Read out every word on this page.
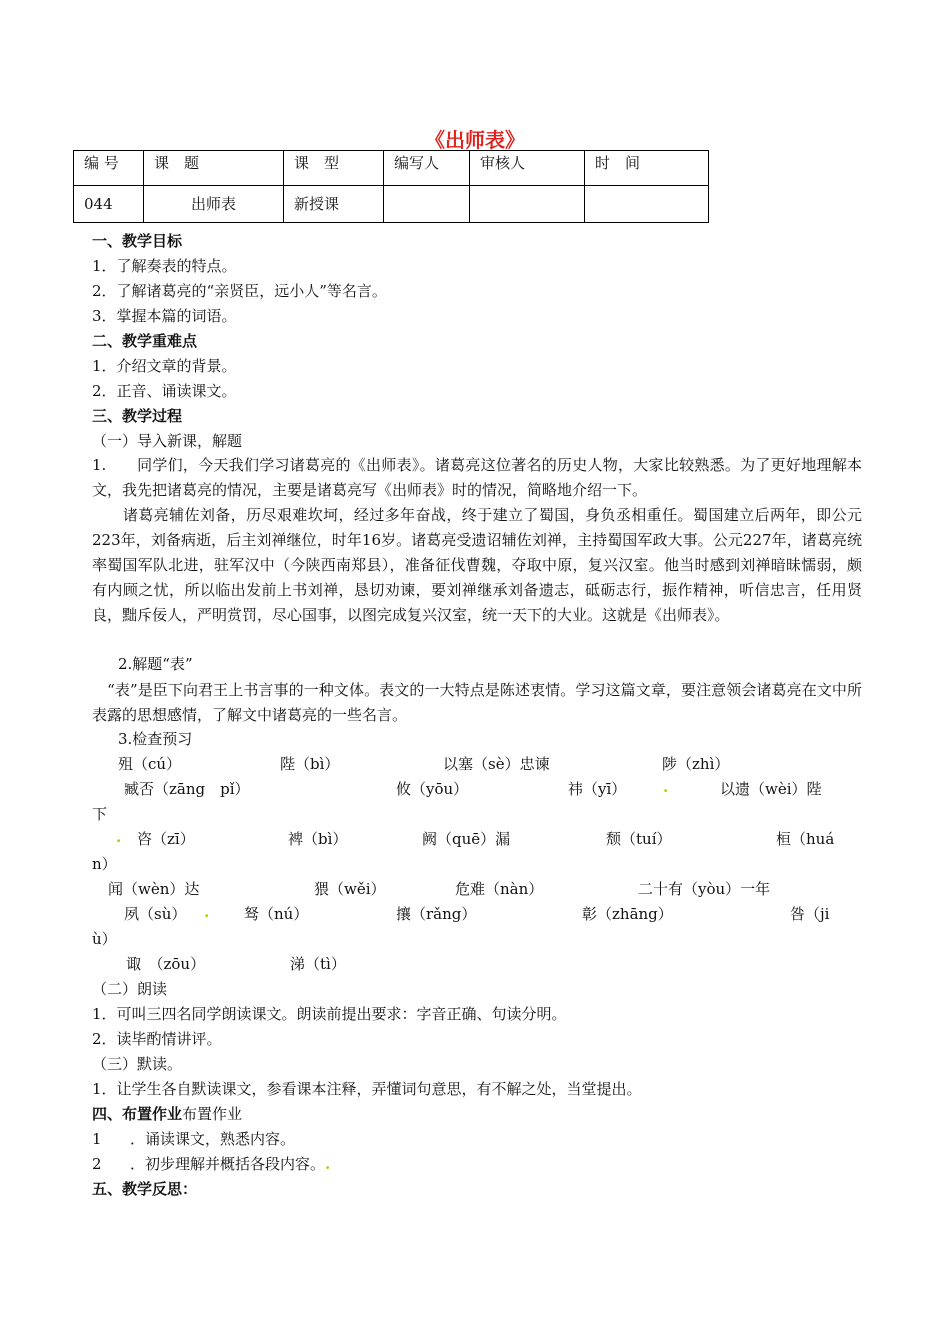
《出师表》
编 号	课　题	课　型	编写人	审核人	时　间
044	出师表	新授课			
一、教学目标
1．了解奏表的特点。
2．了解诸葛亮的“亲贤臣，远小人”等名言。
3．掌握本篇的词语。
二、教学重难点
1．介绍文章的背景。
2．正音、诵读课文。
三、教学过程
（一）导入新课，解题
1.　　同学们，今天我们学习诸葛亮的《出师表》。诸葛亮这位著名的历史人物，大家比较熟悉。为了更好地理解本文，我先把诸葛亮的情况，主要是诸葛亮写《出师表》时的情况，简略地介绍一下。
　　诸葛亮辅佐刘备，历尽艰难坎坷，经过多年奋战，终于建立了蜀国，身负丞相重任。蜀国建立后两年，即公元223年，刘备病逝，后主刘禅继位，时年16岁。诸葛亮受遗诏辅佐刘禅，主持蜀国军政大事。公元227年，诸葛亮统率蜀国军队北进，驻军汉中（今陕西南郑县），准备征伐曹魏，夺取中原，复兴汉室。他当时感到刘禅暗昧懦弱，颇有内顾之忧，所以临出发前上书刘禅，恳切劝谏，要刘禅继承刘备遗志，砥砺志行，振作精神，听信忠言，任用贤良，黜斥佞人，严明赏罚，尽心国事，以图完成复兴汉室，统一天下的大业。这就是《出师表》。
2.解题“表”
　“表”是臣下向君王上书言事的一种文体。表文的一大特点是陈述衷情。学习这篇文章，要注意领会诸葛亮在文中所表露的思想感情，了解文中诸葛亮的一些名言。
3.检查预习
殂（cú）	陛（bì）	以塞（sè）忠谏	陟（zhì）
臧否（zāng　pǐ）	攸（yōu）	祎（yī） .	以遗（wèi）陛
下
. 咨（zī）	裨（bì）	阙（quē）漏	颓（tuí）	桓（huá
n）
闻（wèn）达	猥（wěi）	危难（nàn）	二十有（yòu）一年
夙（sù） . 驽（nú）	攘（rǎng）	彰（zhāng）	咎（ji
ù）
诹　（zōu）	涕（tì）
（二）朗读
1．可叫三四名同学朗读课文。朗读前提出要求：字音正确、句读分明。
2．读毕酌情讲评。
（三）默读。
1．让学生各自默读课文，参看课本注释，弄懂词句意思，有不解之处，当堂提出。
四、布置作业布置作业
1 ．诵读课文，熟悉内容。
2 ．初步理解并概括各段内容。.
五、教学反思：
